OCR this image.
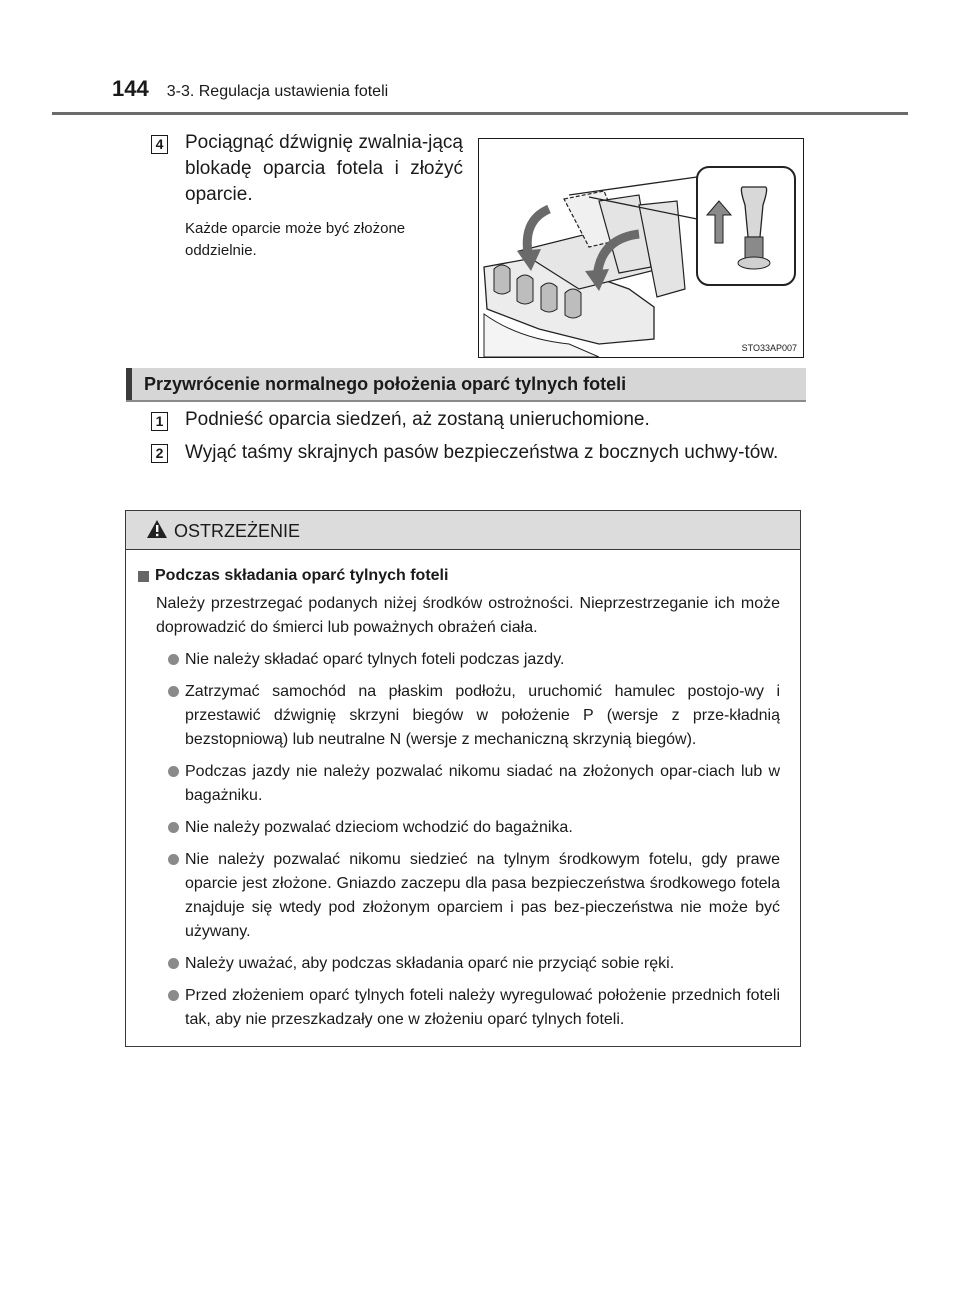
144 3-3. Regulacja ustawienia foteli
4 Pociągnąć dźwignię zwalnia-jącą blokadę oparcia fotela i złożyć oparcie.
Każde oparcie może być złożone oddzielnie.
STO33AP007
Przywrócenie normalnego położenia oparć tylnych foteli
1 Podnieść oparcia siedzeń, aż zostaną unieruchomione.
2 Wyjąć taśmy skrajnych pasów bezpieczeństwa z bocznych uchwy-tów.
OSTRZEŻENIE
Podczas składania oparć tylnych foteli
Należy przestrzegać podanych niżej środków ostrożności. Nieprzestrzeganie ich może doprowadzić do śmierci lub poważnych obrażeń ciała.
Nie należy składać oparć tylnych foteli podczas jazdy.
Zatrzymać samochód na płaskim podłożu, uruchomić hamulec postojo-wy i przestawić dźwignię skrzyni biegów w położenie P (wersje z prze-kładnią bezstopniową) lub neutralne N (wersje z mechaniczną skrzynią biegów).
Podczas jazdy nie należy pozwalać nikomu siadać na złożonych opar-ciach lub w bagażniku.
Nie należy pozwalać dzieciom wchodzić do bagażnika.
Nie należy pozwalać nikomu siedzieć na tylnym środkowym fotelu, gdy prawe oparcie jest złożone. Gniazdo zaczepu dla pasa bezpieczeństwa środkowego fotela znajduje się wtedy pod złożonym oparciem i pas bez-pieczeństwa nie może być używany.
Należy uważać, aby podczas składania oparć nie przyciąć sobie ręki.
Przed złożeniem oparć tylnych foteli należy wyregulować położenie przednich foteli tak, aby nie przeszkadzały one w złożeniu oparć tylnych foteli.
